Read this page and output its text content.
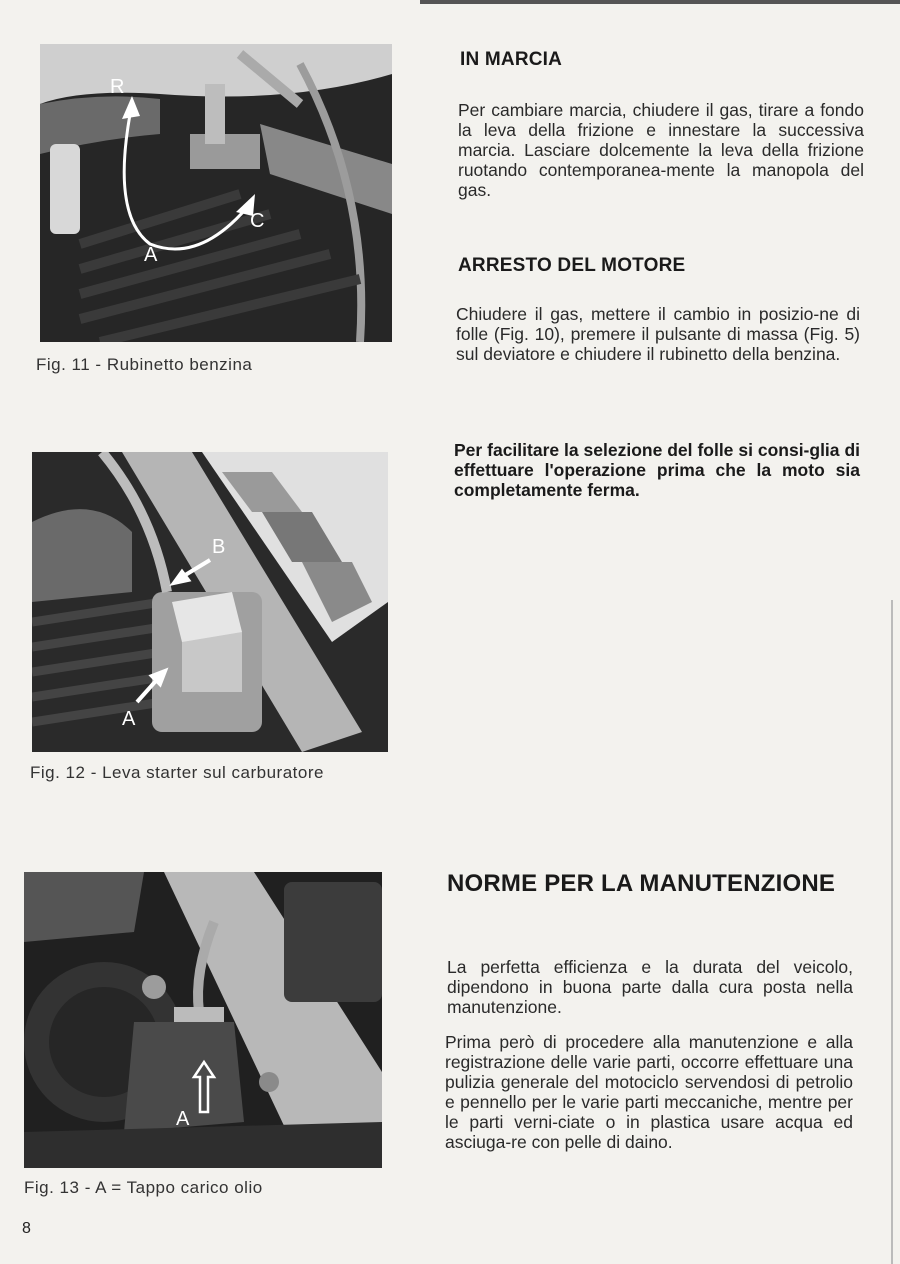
R
A
C
Fig. 11 - Rubinetto benzina
B
A
Fig. 12 - Leva starter sul carburatore
A
Fig. 13 - A = Tappo carico olio
IN MARCIA
Per cambiare marcia, chiudere il gas, tirare a fondo la leva della frizione e innestare la successiva marcia. Lasciare dolcemente la leva della frizione ruotando contemporanea-mente la manopola del gas.
ARRESTO DEL MOTORE
Chiudere il gas, mettere il cambio in posizio-ne di folle (Fig. 10), premere il pulsante di massa (Fig. 5) sul deviatore e chiudere il rubinetto della benzina.
Per facilitare la selezione del folle si consi-glia di effettuare l'operazione prima che la moto sia completamente ferma.
NORME PER LA MANUTENZIONE
La perfetta efficienza e la durata del veicolo, dipendono in buona parte dalla cura posta nella manutenzione.
Prima però di procedere alla manutenzione e alla registrazione delle varie parti, occorre effettuare una pulizia generale del motociclo servendosi di petrolio e pennello per le varie parti meccaniche, mentre per le parti verni-ciate o in plastica usare acqua ed asciuga-re con pelle di daino.
8
